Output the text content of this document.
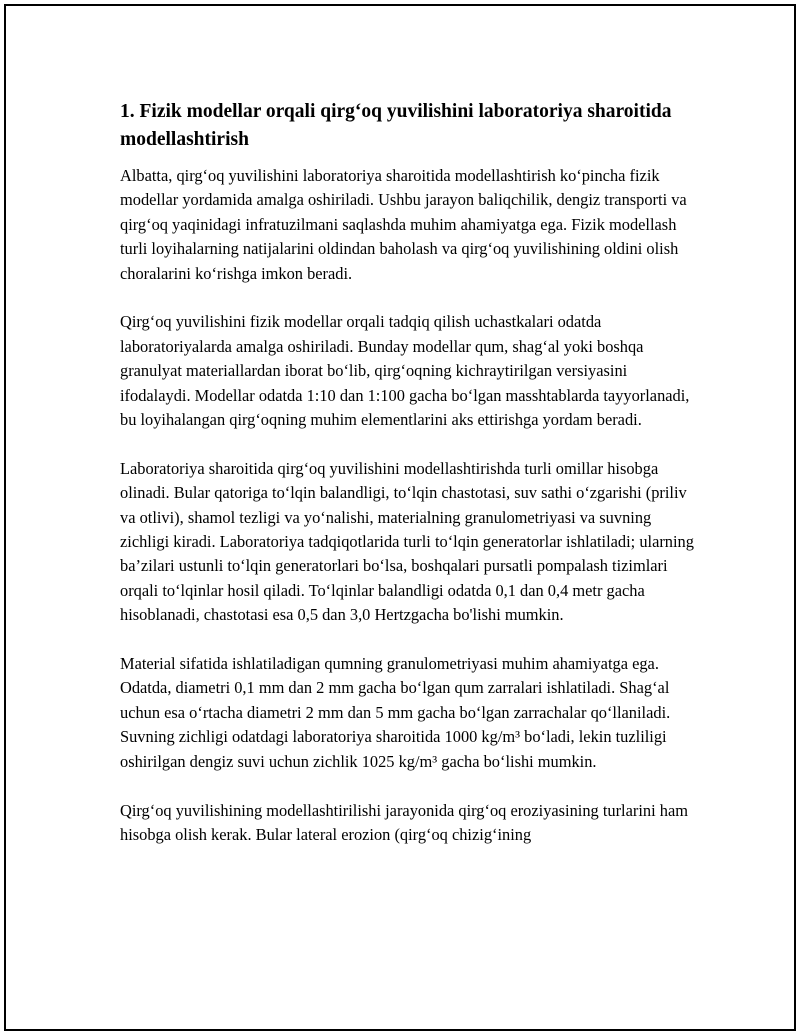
1. Fizik modellar orqali qirg‘oq yuvilishini laboratoriya sharoitida modellashtirish

Albatta, qirg‘oq yuvilishini laboratoriya sharoitida modellashtirish ko‘pincha fizik modellar yordamida amalga oshiriladi. Ushbu jarayon baliqchilik, dengiz transporti va qirg‘oq yaqinidagi infratuzilmani saqlashda muhim ahamiyatga ega. Fizik modellash turli loyihalarning natijalarini oldindan baholash va qirg‘oq yuvilishining oldini olish choralarini ko‘rishga imkon beradi.

Qirg‘oq yuvilishini fizik modellar orqali tadqiq qilish uchastkalari odatda laboratoriyalarda amalga oshiriladi. Bunday modellar qum, shag‘al yoki boshqa granulyat materiallardan iborat bo‘lib, qirg‘oqning kichraytirilgan versiyasini ifodalaydi. Modellar odatda 1:10 dan 1:100 gacha bo‘lgan masshtablarda tayyorlanadi, bu loyihalangan qirg‘oqning muhim elementlarini aks ettirishga yordam beradi.

Laboratoriya sharoitida qirg‘oq yuvilishini modellashtirishda turli omillar hisobga olinadi. Bular qatoriga to‘lqin balandligi, to‘lqin chastotasi, suv sathi o‘zgarishi (priliv va otlivi), shamol tezligi va yo‘nalishi, materialning granulometriyasi va suvning zichligi kiradi. Laboratoriya tadqiqotlarida turli to‘lqin generatorlar ishlatiladi; ularning ba’zilari ustunli to‘lqin generatorlari bo‘lsa, boshqalari pursatli pompalash tizimlari orqali to‘lqinlar hosil qiladi. To‘lqinlar balandligi odatda 0,1 dan 0,4 metr gacha hisoblanadi, chastotasi esa 0,5 dan 3,0 Hertzgacha bo'lishi mumkin.

Material sifatida ishlatiladigan qumning granulometriyasi muhim ahamiyatga ega. Odatda, diametri 0,1 mm dan 2 mm gacha bo‘lgan qum zarralari ishlatiladi. Shag‘al uchun esa o‘rtacha diametri 2 mm dan 5 mm gacha bo‘lgan zarrachalar qo‘llaniladi. Suvning zichligi odatdagi laboratoriya sharoitida 1000 kg/m³ bo‘ladi, lekin tuzliligi oshirilgan dengiz suvi uchun zichlik 1025 kg/m³ gacha bo‘lishi mumkin.

Qirg‘oq yuvilishining modellashtirilishi jarayonida qirg‘oq eroziyasining turlarini ham hisobga olish kerak. Bular lateral erozion (qirg‘oq chizig‘ining
